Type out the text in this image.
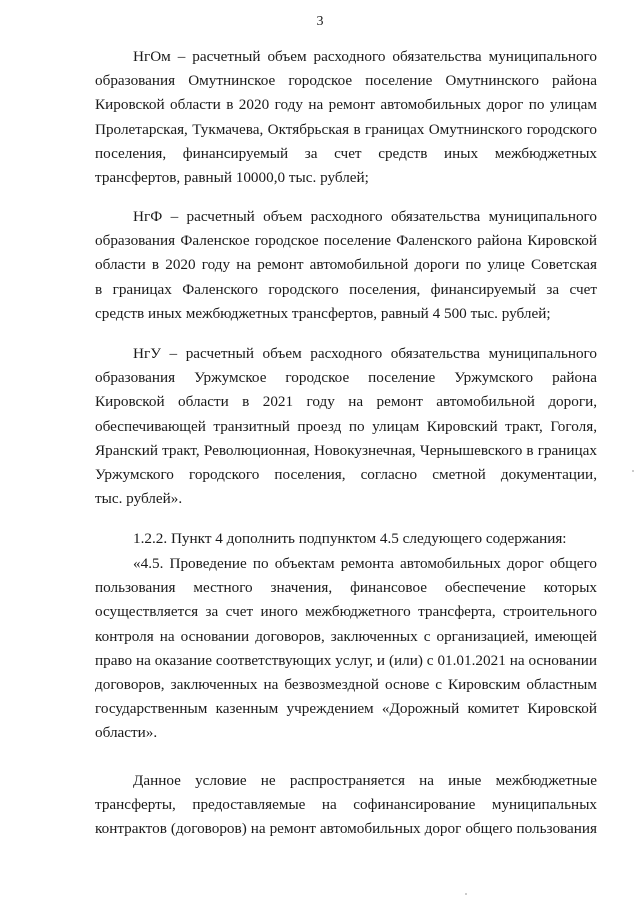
3
НгОм – расчетный объем расходного обязательства муниципального
образования Омутнинское городское поселение Омутнинского района
Кировской области в 2020 году на ремонт автомобильных дорог по улицам
Пролетарская, Тукмачева, Октябрьская в границах Омутнинского городского
поселения, финансируемый за счет средств иных межбюджетных
трансфертов, равный 10000,0 тыс. рублей;
НгФ – расчетный объем расходного обязательства муниципального
образования Фаленское городское поселение Фаленского района Кировской
области в 2020 году на ремонт автомобильной дороги по улице Советская
в границах Фаленского городского поселения, финансируемый за счет
средств иных межбюджетных трансфертов, равный 4 500 тыс. рублей;
НгУ – расчетный объем расходного обязательства муниципального
образования Уржумское городское поселение Уржумского района
Кировской области в 2021 году на ремонт автомобильной дороги,
обеспечивающей транзитный проезд по улицам Кировский тракт, Гоголя,
Яранский тракт, Революционная, Новокузнечная, Чернышевского в границах
Уржумского городского поселения, согласно сметной документации,
тыс. рублей».
1.2.2. Пункт 4 дополнить подпунктом 4.5 следующего содержания:
«4.5. Проведение по объектам ремонта автомобильных дорог общего
пользования местного значения, финансовое обеспечение которых
осуществляется за счет иного межбюджетного трансферта, строительного
контроля на основании договоров, заключенных с организацией, имеющей
право на оказание соответствующих услуг, и (или) с 01.01.2021 на основании
договоров, заключенных на безвозмездной основе с Кировским областным
государственным казенным учреждением «Дорожный комитет Кировской
области».
Данное условие не распространяется на иные межбюджетные
трансферты, предоставляемые на софинансирование муниципальных
контрактов (договоров) на ремонт автомобильных дорог общего пользования
